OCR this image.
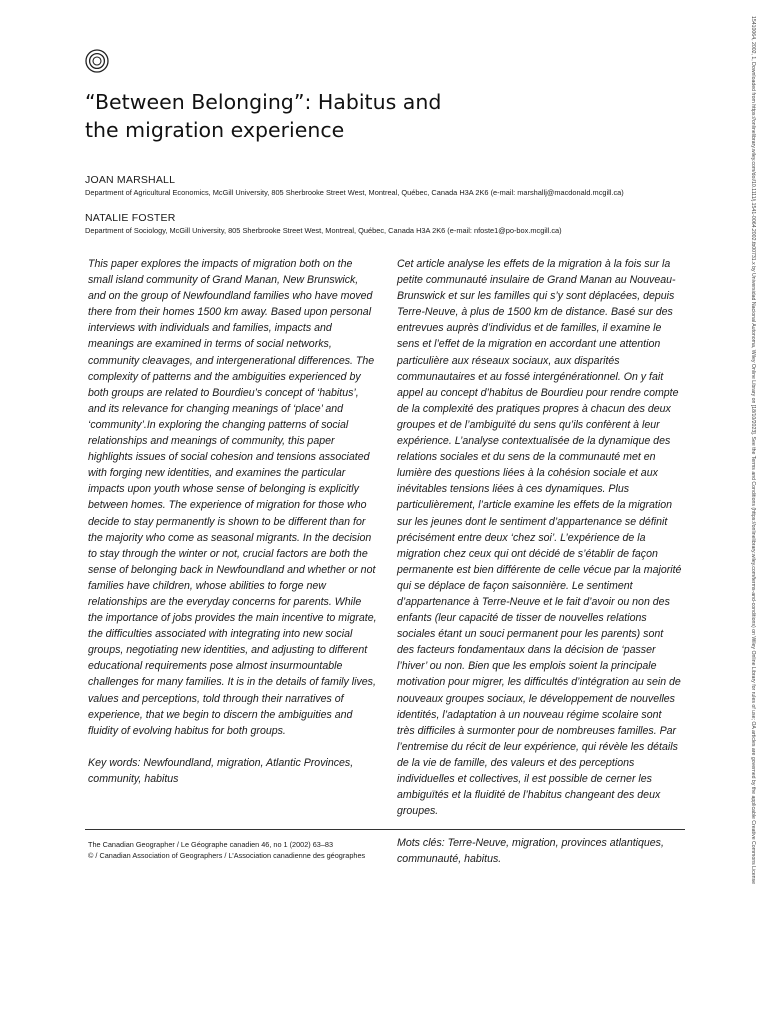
“Between Belonging”: Habitus and
the migration experience

JOAN MARSHALL

Department of Agricultural Economics, McGill University, 805 Sherbrooke Street West, Montreal, Québec, Canada H3A 2K6 (e-mail: marshallj@macdonald.mcgill.ca)

NATALIE FOSTER

Department of Sociology, McGill University, 805 Sherbrooke Street West, Montreal, Québec, Canada H3A 2K6 (e-mail: nfoste1@po-box.mcgill.ca)

This paper explores the impacts of migration both on the small island community of Grand Manan, New Brunswick, and on the group of Newfoundland families who have moved there from their homes 1500 km away. Based upon personal interviews with individuals and families, impacts and meanings are examined in terms of social networks, community cleavages, and intergenerational differences. The complexity of patterns and the ambiguities experienced by both groups are related to Bourdieu’s concept of ‘habitus’, and its relevance for changing meanings of ‘place’ and ‘community’.In exploring the changing patterns of social relationships and meanings of community, this paper highlights issues of social cohesion and tensions associated with forging new identities, and examines the particular impacts upon youth whose sense of belonging is explicitly between homes. The experience of migration for those who decide to stay permanently is shown to be different than for the majority who come as seasonal migrants. In the decision to stay through the winter or not, crucial factors are both the sense of belonging back in Newfoundland and whether or not families have children, whose abilities to forge new relationships are the everyday concerns for parents. While the importance of jobs provides the main incentive to migrate, the difficulties associated with integrating into new social groups, negotiating new identities, and adjusting to different educational requirements pose almost insurmountable challenges for many families. It is in the details of family lives, values and perceptions, told through their narratives of experience, that we begin to discern the ambiguities and fluidity of evolving habitus for both groups.

Key words: Newfoundland, migration, Atlantic Provinces, community, habitus

Cet article analyse les effets de la migration à la fois sur la petite communauté insulaire de Grand Manan au Nouveau-Brunswick et sur les familles qui s’y sont déplacées, depuis Terre-Neuve, à plus de 1500 km de distance. Basé sur des entrevues auprès d’individus et de familles, il examine le sens et l’effet de la migration en accordant une attention particulière aux réseaux sociaux, aux disparités communautaires et au fossé intergénérationnel. On y fait appel au concept d’habitus de Bourdieu pour rendre compte de la complexité des pratiques propres à chacun des deux groupes et de l’ambiguïté du sens qu’ils confèrent à leur expérience. L’analyse contextualisée de la dynamique des relations sociales et du sens de la communauté met en lumière des questions liées à la cohésion sociale et aux inévitables tensions liées à ces dynamiques. Plus particulièrement, l’article examine les effets de la migration sur les jeunes dont le sentiment d’appartenance se définit précisément entre deux ‘chez soi’. L’expérience de la migration chez ceux qui ont décidé de s’établir de façon permanente est bien différente de celle vécue par la majorité qui se déplace de façon saisonnière. Le sentiment d’appartenance à Terre-Neuve et le fait d’avoir ou non des enfants (leur capacité de tisser de nouvelles relations sociales étant un souci permanent pour les parents) sont des facteurs fondamentaux dans la décision de ‘passer l’hiver’ ou non. Bien que les emplois soient la principale motivation pour migrer, les difficultés d’intégration au sein de nouveaux groupes sociaux, le développement de nouvelles identités, l’adaptation à un nouveau régime scolaire sont très difficiles à surmonter pour de nombreuses familles. Par l’entremise du récit de leur expérience, qui révèle les détails de la vie de famille, des valeurs et des perceptions individuelles et collectives, il est possible de cerner les ambiguïtés et la fluidité de l’habitus changeant des deux groupes.

Mots clés: Terre-Neuve, migration, provinces atlantiques, communauté, habitus.

The Canadian Geographer / Le Géographe canadien 46, no 1 (2002) 63–83

© / Canadian Association of Geographers / L’Association canadienne des géographes	15410064, 2002, 1, Downloaded from https://onlinelibrary.wiley.com/doi/10.1111/j.1541-0064.2002.tb00731.x by Universidad Nacional Autonoma, Wiley Online Library on [18/10/2023]. See the Terms and Conditions (https://onlinelibrary.wiley.com/terms-and-conditions) on Wiley Online Library for rules of use; OA articles are governed by the applicable Creative Commons License
